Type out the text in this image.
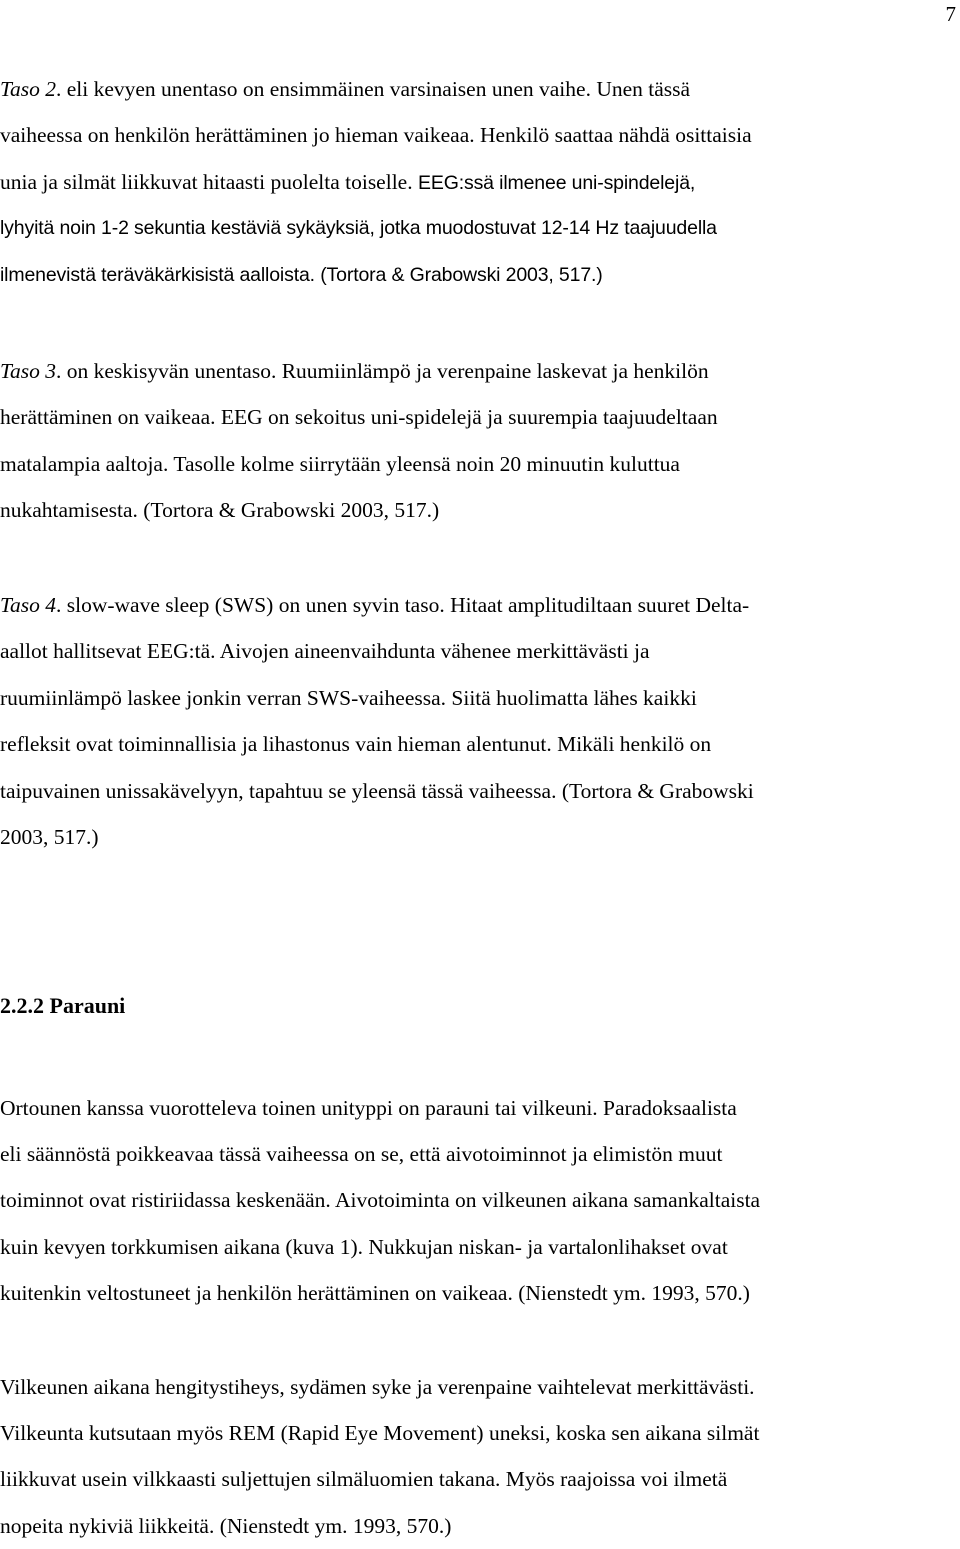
7
Taso 2. eli kevyen unentaso on ensimmäinen varsinaisen unen vaihe. Unen tässä
vaiheessa on henkilön herättäminen jo hieman vaikeaa. Henkilö saattaa nähdä osittaisia
unia ja silmät liikkuvat hitaasti puolelta toiselle. EEG:ssä ilmenee uni-spindelejä,
lyhyitä noin 1-2 sekuntia kestäviä sykäyksiä, jotka muodostuvat 12-14 Hz taajuudella
ilmenevistä teräväkärkisistä aalloista. (Tortora & Grabowski 2003, 517.)
Taso 3. on keskisyvän unentaso. Ruumiinlämpö ja verenpaine laskevat ja henkilön
herättäminen on vaikeaa. EEG on sekoitus uni-spidelejä ja suurempia taajuudeltaan
matalampia aaltoja. Tasolle kolme siirrytään yleensä noin 20 minuutin kuluttua
nukahtamisesta. (Tortora & Grabowski 2003, 517.)
Taso 4. slow-wave sleep (SWS) on unen syvin taso. Hitaat amplitudiltaan suuret Delta-
aallot hallitsevat EEG:tä. Aivojen aineenvaihdunta vähenee merkittävästi ja
ruumiinlämpö laskee jonkin verran SWS-vaiheessa. Siitä huolimatta lähes kaikki
refleksit ovat toiminnallisia ja lihastonus vain hieman alentunut. Mikäli henkilö on
taipuvainen unissakävelyyn, tapahtuu se yleensä tässä vaiheessa. (Tortora & Grabowski
2003, 517.)
2.2.2 Parauni
Ortounen kanssa vuorotteleva toinen unityppi on parauni tai vilkeuni. Paradoksaalista
eli säännöstä poikkeavaa tässä vaiheessa on se, että aivotoiminnot ja elimistön muut
toiminnot ovat ristiriidassa keskenään. Aivotoiminta on vilkeunen aikana samankaltaista
kuin kevyen torkkumisen aikana (kuva 1). Nukkujan niskan- ja vartalonlihakset ovat
kuitenkin veltostuneet ja henkilön herättäminen on vaikeaa. (Nienstedt ym. 1993, 570.)
Vilkeunen aikana hengitystiheys, sydämen syke ja verenpaine vaihtelevat merkittävästi.
Vilkeunta kutsutaan myös REM (Rapid Eye Movement) uneksi, koska sen aikana silmät
liikkuvat usein vilkkaasti suljettujen silmäluomien takana. Myös raajoissa voi ilmetä
nopeita nykiviä liikkeitä. (Nienstedt ym. 1993, 570.)
